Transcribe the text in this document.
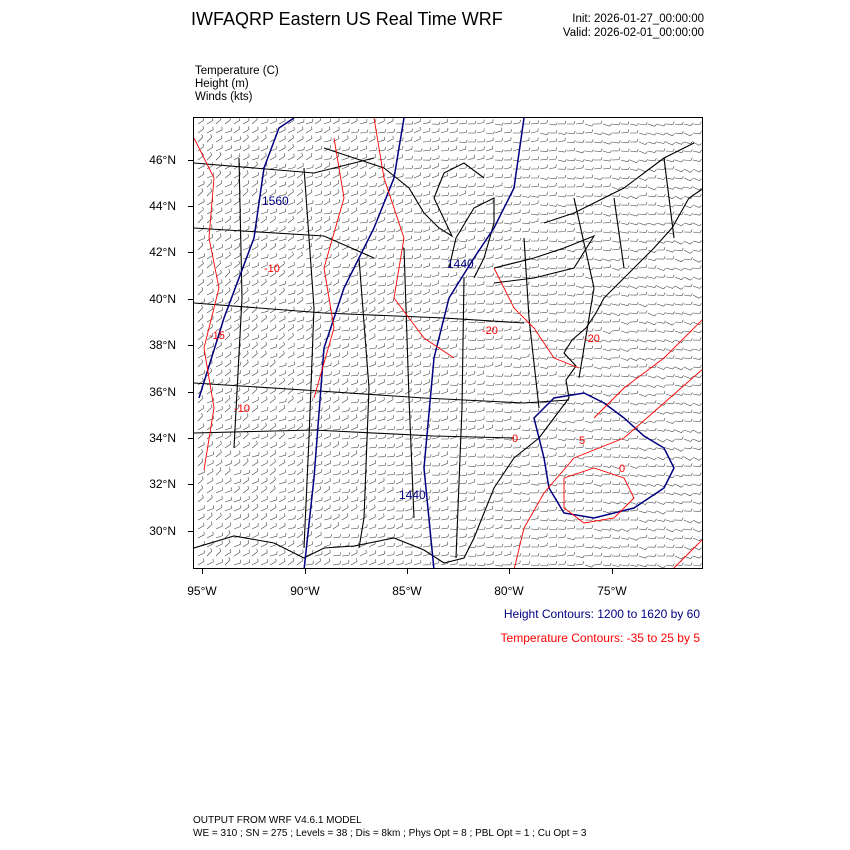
IWFAQRP Eastern US Real Time WRF	Init: 2026-01-27_00:00:00
Valid: 2026-02-01_00:00:00
Temperature (C)
Height (m)
Winds (kts)
1560
1440
1440
-10
-15	-20
-20
-10
0	5
0
46°N
44°N
42°N
40°N
38°N
36°N
34°N
32°N
30°N
95°W	90°W	85°W	80°W	75°W
Height Contours: 1200 to 1620 by 60
Temperature Contours: -35 to 25 by 5
OUTPUT FROM WRF V4.6.1 MODEL
WE = 310 ; SN = 275 ; Levels = 38 ; Dis = 8km ; Phys Opt = 8 ; PBL Opt = 1 ; Cu Opt = 3
